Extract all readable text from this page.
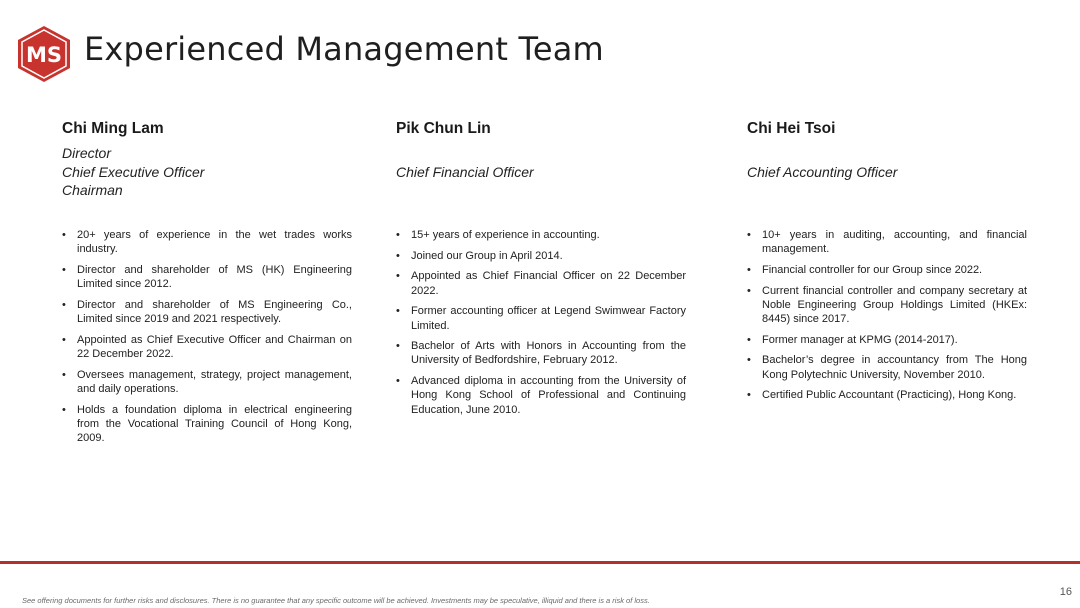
MS Experienced Management Team
Chi Ming Lam
Director
Chief Executive Officer
Chairman
• 20+ years of experience in the wet trades works industry.
• Director and shareholder of MS (HK) Engineering Limited since 2012.
• Director and shareholder of MS Engineering Co., Limited since 2019 and 2021 respectively.
• Appointed as Chief Executive Officer and Chairman on 22 December 2022.
• Oversees management, strategy, project management, and daily operations.
• Holds a foundation diploma in electrical engineering from the Vocational Training Council of Hong Kong, 2009.
Pik Chun Lin

Chief Financial Officer
• 15+ years of experience in accounting.
• Joined our Group in April 2014.
• Appointed as Chief Financial Officer on 22 December 2022.
• Former accounting officer at Legend Swimwear Factory Limited.
• Bachelor of Arts with Honors in Accounting from the University of Bedfordshire, February 2012.
• Advanced diploma in accounting from the University of Hong Kong School of Professional and Continuing Education, June 2010.
Chi Hei Tsoi

Chief Accounting Officer
• 10+ years in auditing, accounting, and financial management.
• Financial controller for our Group since 2022.
• Current financial controller and company secretary at Noble Engineering Group Holdings Limited (HKEx: 8445) since 2017.
• Former manager at KPMG (2014-2017).
• Bachelor’s degree in accountancy from The Hong Kong Polytechnic University, November 2010.
• Certified Public Accountant (Practicing), Hong Kong.
16
See offering documents for further risks and disclosures. There is no guarantee that any specific outcome will be achieved. Investments may be speculative, illiquid and there is a risk of loss.
